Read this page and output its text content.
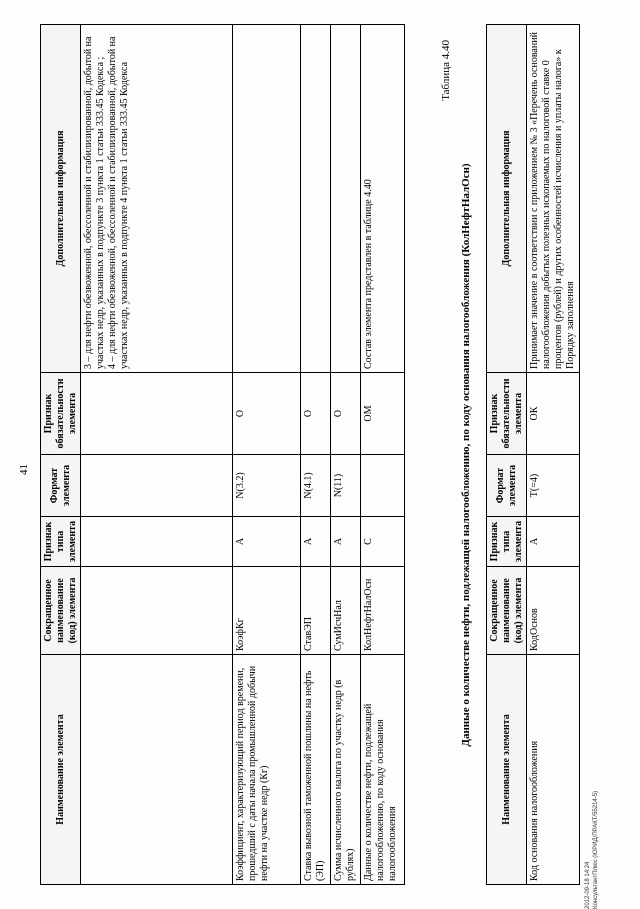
41
Наименование элемента	Сокращенное наименование (код) элемента	Признак типа элемента	Формат элемента	Признак обязательности элемента	Дополнительная информация
					3 – для нефти обезвоженной, обессоленной и стабилизированной, добытой на участках недр, указанных в подпункте 3 пункта 1 статьи 333.45 Кодекса ;
4 – для нефти обезвоженной, обессоленной и стабилизированной, добытой на участках недр, указанных в подпункте 4 пункта 1 статьи 333.45 Кодекса
Коэффициент, характеризующий период времени, прошедший с даты начала промышленной добычи нефти на участке недр (Кг)	КоэфКг	А	N(3.2)	О	
Ставка вывозной таможенной пошлины на нефть (ЭП)	СтавЭП	А	N(4.1)	О	
Сумма исчисленного налога по участку недр (в рублях)	СумИсчНал	А	N(11)	О	
Данные о количестве нефти, подлежащей налогообложению, по коду основания налогообложения	КолНефтНалОсн	С		ОМ	Состав элемента представлен в таблице 4.40
Таблица 4.40
Данные о количестве нефти, подлежащей налогообложению, по коду основания налогообложения (КолНефтНалОсн)
Наименование элемента	Сокращенное наименование (код) элемента	Признак типа элемента	Формат элемента	Признак обязательности элемента	Дополнительная информация
Код основания налогообложения	КодОснов	А	T(=4)	ОК	Принимает значение в соответствии с приложением № 3 «Перечень оснований налогообложения добытых полезных ископаемых по налоговой ставке 0 процентов (рублей) и других особенностей исчисления и уплаты налога» к Порядку заполнения
2012-09-18 14:24 КонсультантПлюс (ЮРИД/ПРАКТ/55214-5)
